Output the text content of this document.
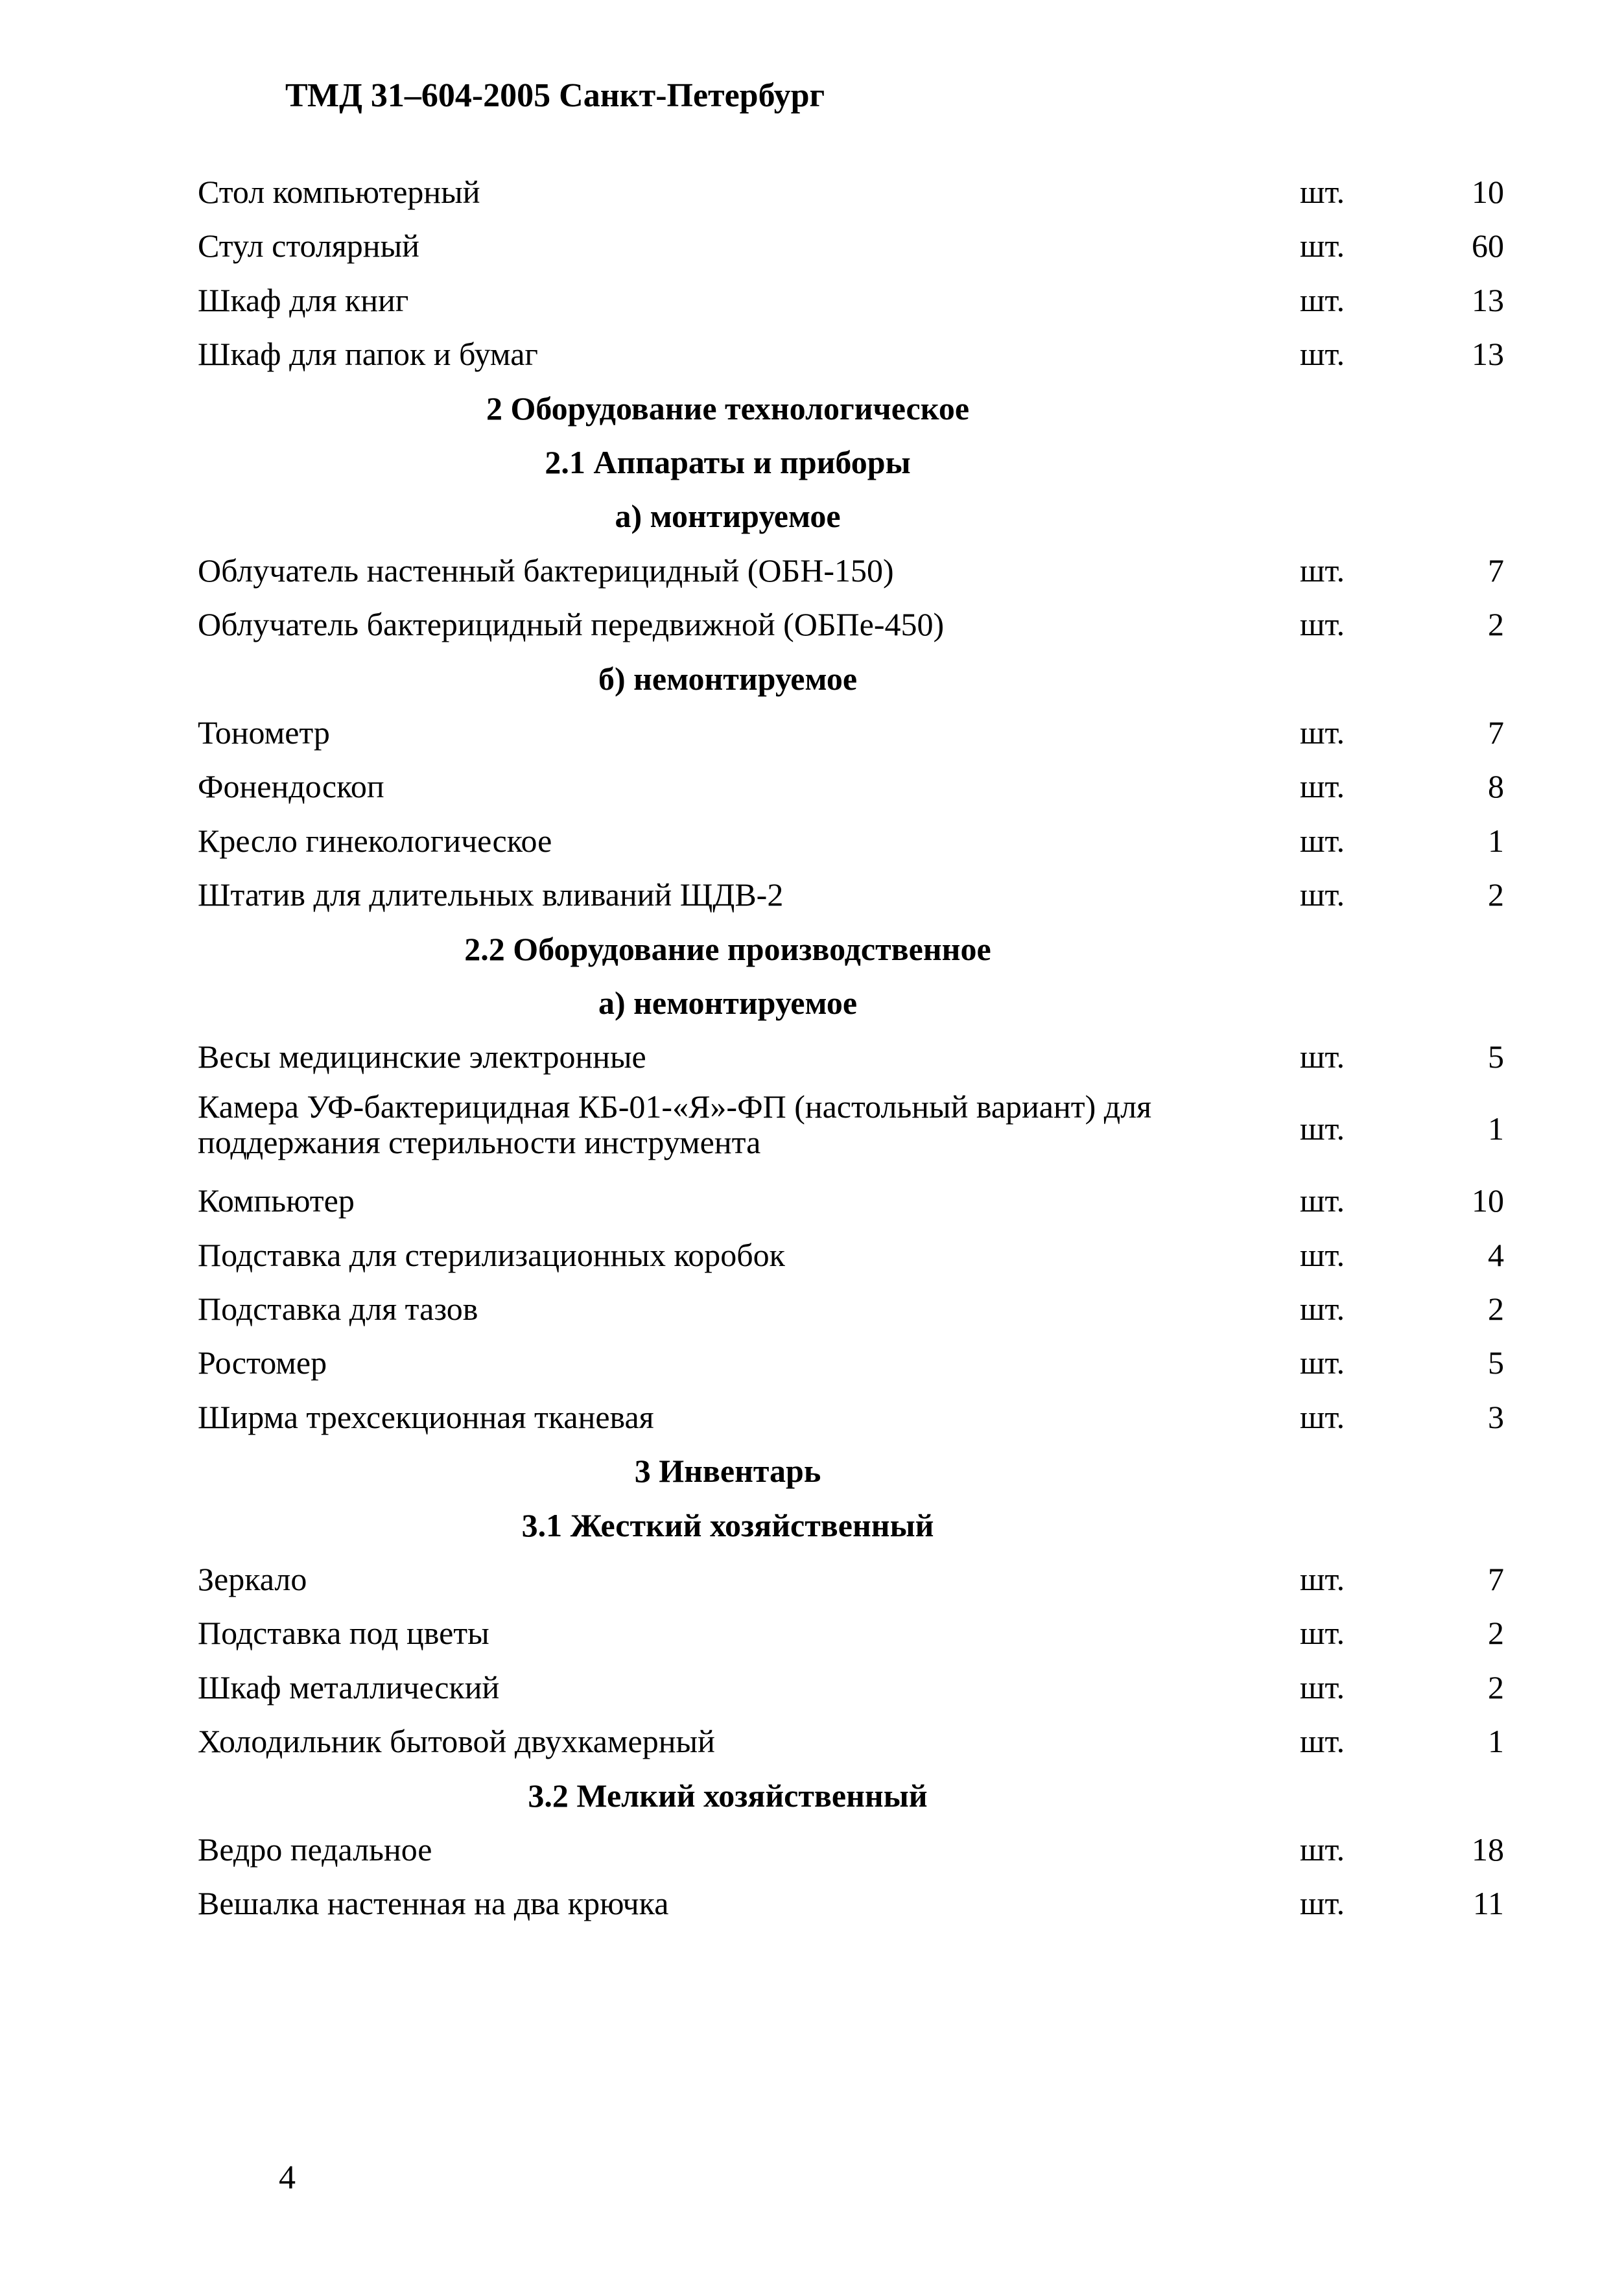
ТМД 31–604-2005 Санкт-Петербург
Стол компьютерный	шт.	10
Стул столярный	шт.	60
Шкаф для книг	шт.	13
Шкаф для папок и бумаг	шт.	13
2 Оборудование технологическое
2.1 Аппараты и приборы
а) монтируемое
Облучатель настенный бактерицидный (ОБН-150)	шт.	7
Облучатель бактерицидный передвижной (ОБПе-450)	шт.	2
б) немонтируемое
Тонометр	шт.	7
Фонендоскоп	шт.	8
Кресло гинекологическое	шт.	1
Штатив для длительных вливаний ЩДВ-2	шт.	2
2.2 Оборудование производственное
а) немонтируемое
Весы медицинские электронные	шт.	5
Камера УФ-бактерицидная КБ-01-«Я»-ФП (настольный вариант) для поддержания стерильности инструмента	шт.	1
Компьютер	шт.	10
Подставка для стерилизационных коробок	шт.	4
Подставка для тазов	шт.	2
Ростомер	шт.	5
Ширма трехсекционная тканевая	шт.	3
3 Инвентарь
3.1 Жесткий хозяйственный
Зеркало	шт.	7
Подставка под цветы	шт.	2
Шкаф металлический	шт.	2
Холодильник бытовой двухкамерный	шт.	1
3.2 Мелкий хозяйственный
Ведро педальное	шт.	18
Вешалка настенная на два крючка	шт.	11
4
